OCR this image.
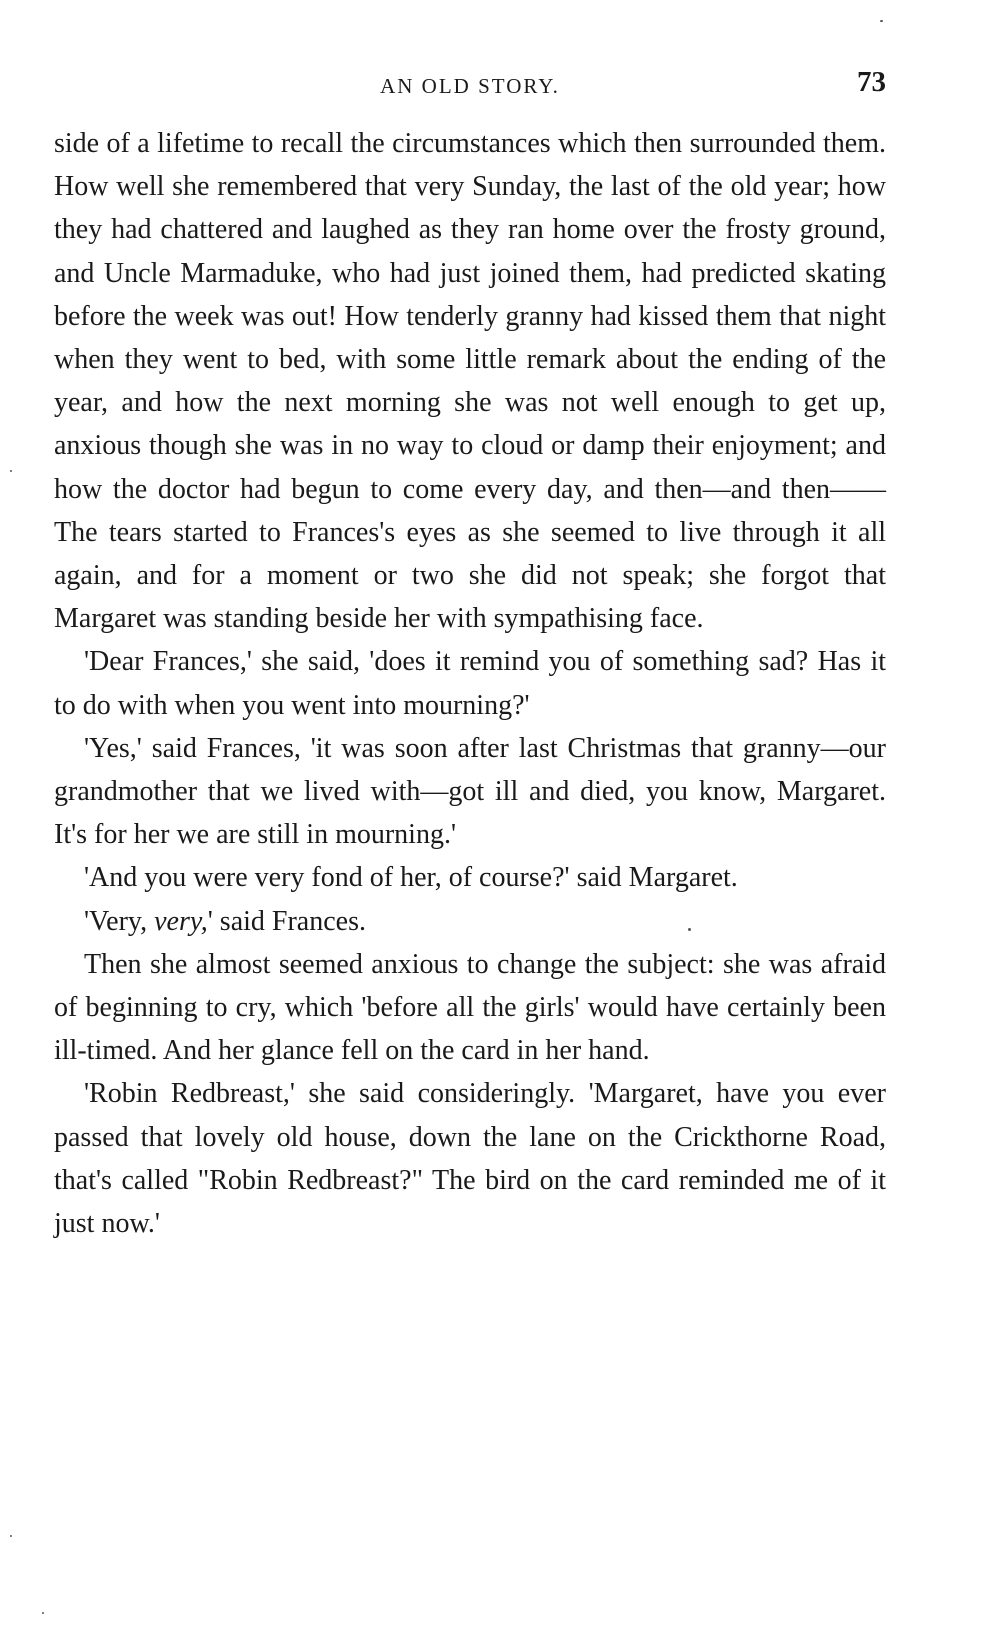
AN OLD STORY.	73

side of a lifetime to recall the circumstances which then surrounded them. How well she remembered that very Sunday, the last of the old year; how they had chattered and laughed as they ran home over the frosty ground, and Uncle Marmaduke, who had just joined them, had predicted skating before the week was out! How tenderly granny had kissed them that night when they went to bed, with some little remark about the ending of the year, and how the next morning she was not well enough to get up, anxious though she was in no way to cloud or damp their enjoyment; and how the doctor had begun to come every day, and then—and then—— The tears started to Frances's eyes as she seemed to live through it all again, and for a moment or two she did not speak; she forgot that Margaret was standing beside her with sympathising face.

'Dear Frances,' she said, 'does it remind you of something sad? Has it to do with when you went into mourning?'

'Yes,' said Frances, 'it was soon after last Christmas that granny—our grandmother that we lived with—got ill and died, you know, Margaret. It's for her we are still in mourning.'

'And you were very fond of her, of course?' said Margaret.

'Very, very,' said Frances.

Then she almost seemed anxious to change the subject: she was afraid of beginning to cry, which 'before all the girls' would have certainly been ill-timed. And her glance fell on the card in her hand.

'Robin Redbreast,' she said consideringly. 'Margaret, have you ever passed that lovely old house, down the lane on the Crickthorne Road, that's called "Robin Redbreast?" The bird on the card reminded me of it just now.'
